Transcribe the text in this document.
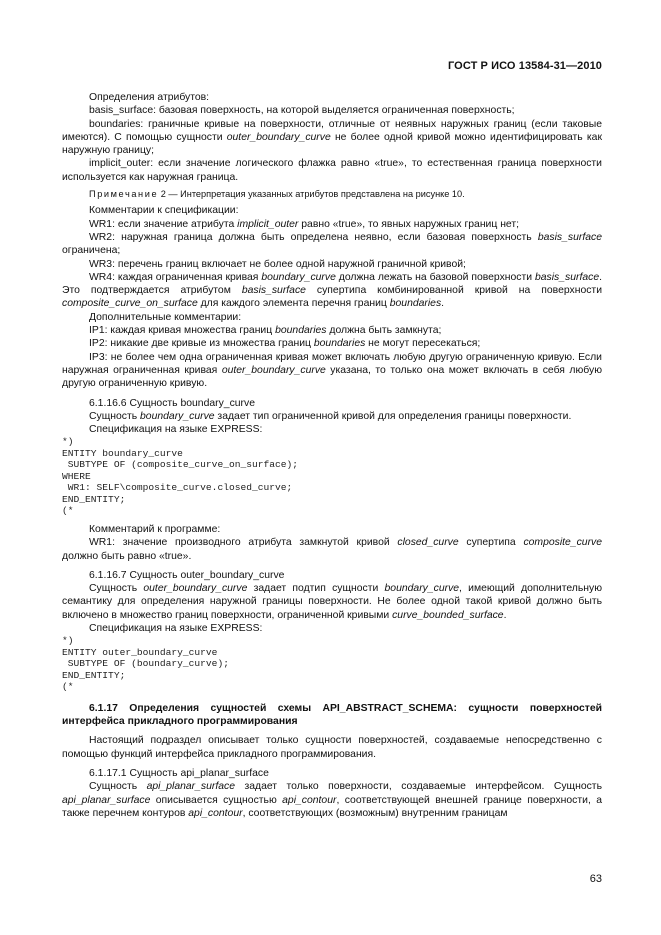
ГОСТ Р ИСО 13584-31—2010

Определения атрибутов:

basis_surface: базовая поверхность, на которой выделяется ограниченная поверхность;

boundaries: граничные кривые на поверхности, отличные от неявных наружных границ (если таковые имеются). С помощью сущности outer_boundary_curve не более одной кривой можно идентифицировать как наружную границу;

implicit_outer: если значение логического флажка равно «true», то естественная граница поверхности используется как наружная граница.

Примечание 2 — Интерпретация указанных атрибутов представлена на рисунке 10.

Комментарии к спецификации:

WR1: если значение атрибута implicit_outer равно «true», то явных наружных границ нет;

WR2: наружная граница должна быть определена неявно, если базовая поверхность basis_surface ограничена;

WR3: перечень границ включает не более одной наружной граничной кривой;

WR4: каждая ограниченная кривая boundary_curve должна лежать на базовой поверхности basis_surface. Это подтверждается атрибутом basis_surface супертипа комбинированной кривой на поверхности composite_curve_on_surface для каждого элемента перечня границ boundaries.

Дополнительные комментарии:

IP1: каждая кривая множества границ boundaries должна быть замкнута;

IP2: никакие две кривые из множества границ boundaries не могут пересекаться;

IP3: не более чем одна ограниченная кривая может включать любую другую ограниченную кривую. Если наружная ограниченная кривая outer_boundary_curve указана, то только она может включать в себя любую другую ограниченную кривую.

6.1.16.6 Сущность boundary_curve

Сущность boundary_curve задает тип ограниченной кривой для определения границы поверхности.

Спецификация на языке EXPRESS:

*)
ENTITY boundary_curve
SUBTYPE OF (composite_curve_on_surface);
WHERE
WR1: SELF\composite_curve.closed_curve;
END_ENTITY;
(*

Комментарий к программе:

WR1: значение производного атрибута замкнутой кривой closed_curve супертипа composite_curve должно быть равно «true».

6.1.16.7 Сущность outer_boundary_curve

Сущность outer_boundary_curve задает подтип сущности boundary_curve, имеющий дополнительную семантику для определения наружной границы поверхности. Не более одной такой кривой должно быть включено в множество границ поверхности, ограниченной кривыми curve_bounded_surface.

Спецификация на языке EXPRESS:

*)
ENTITY outer_boundary_curve
SUBTYPE OF (boundary_curve);
END_ENTITY;
(*

6.1.17 Определения сущностей схемы API_ABSTRACT_SCHEMA: сущности поверхностей интерфейса прикладного программирования

Настоящий подраздел описывает только сущности поверхностей, создаваемые непосредственно с помощью функций интерфейса прикладного программирования.

6.1.17.1 Сущность api_planar_surface

Сущность api_planar_surface задает только поверхности, создаваемые интерфейсом. Сущность api_planar_surface описывается сущностью api_contour, соответствующей внешней границе поверхности, а также перечнем контуров api_contour, соответствующих (возможным) внутренним границам

63
